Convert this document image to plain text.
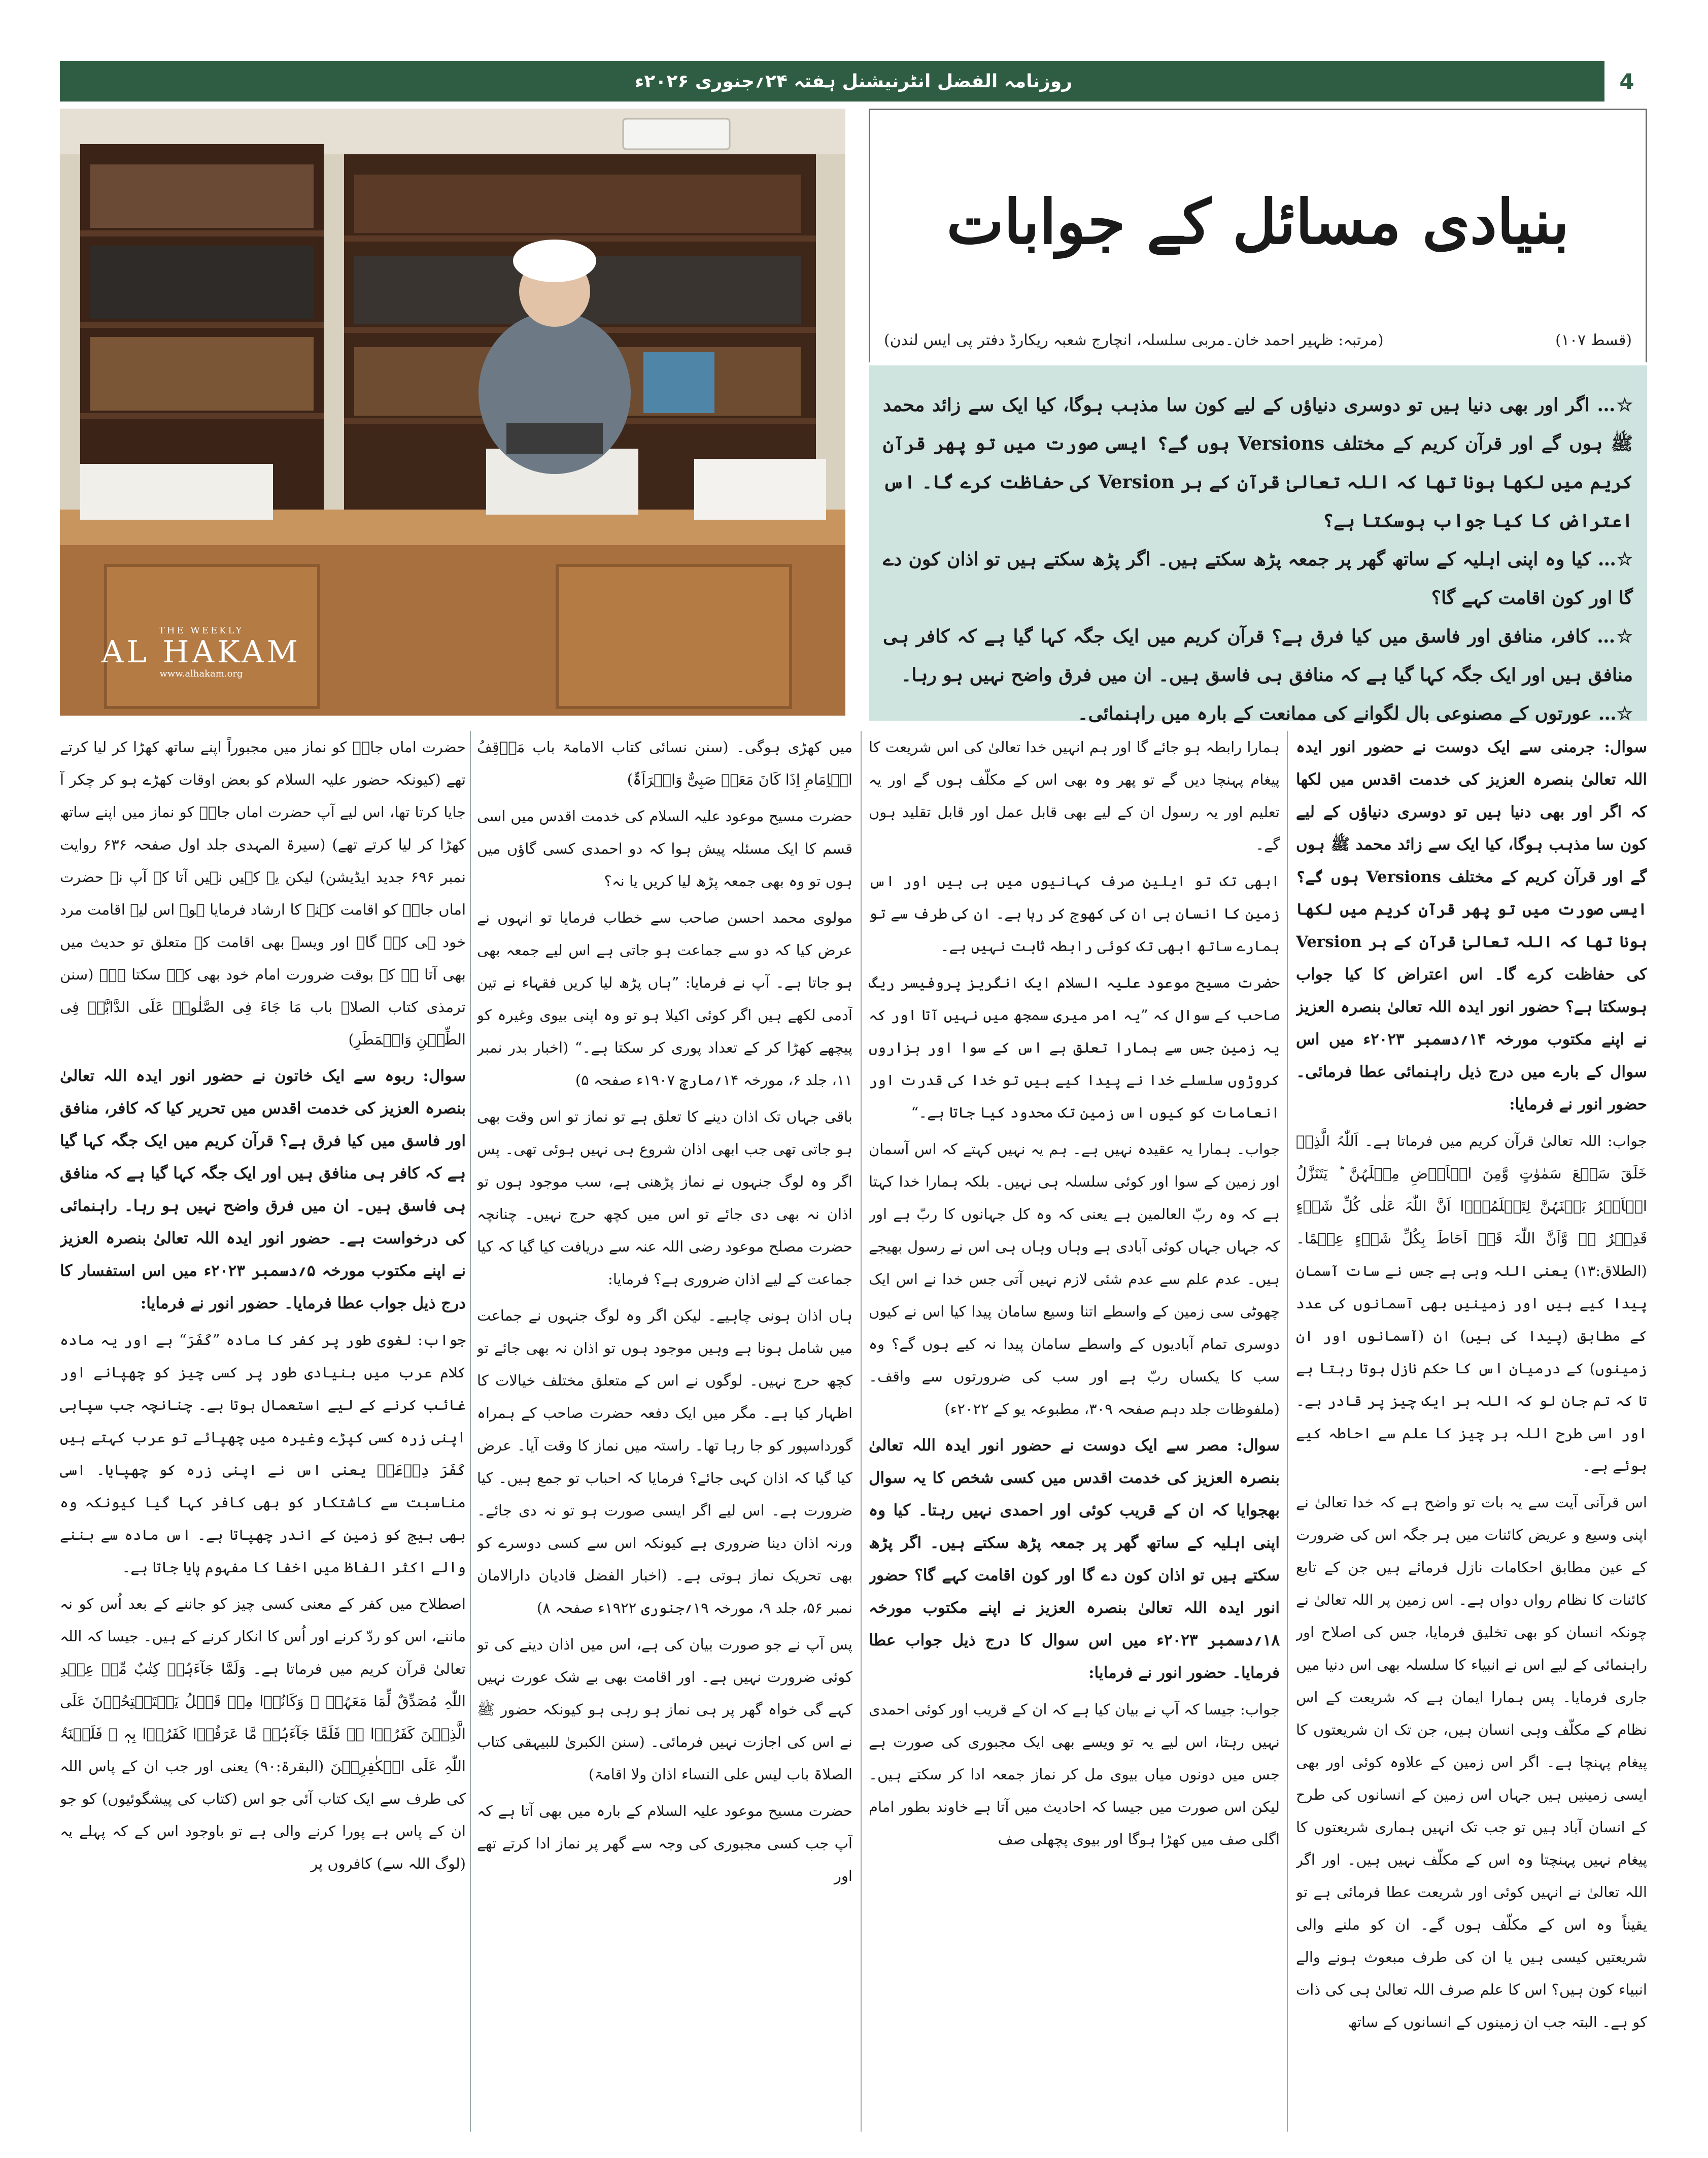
روزنامہ الفضل انٹرنیشنل ہفتہ ۲۴؍جنوری ۲۰۲۶ء	4
THE WEEKLY
AL HAKAM
www.alhakam.org
بنیادی مسائل کے جوابات
(قسط ۱۰۷)
(مرتبہ: ظہیر احمد خان۔مربی سلسلہ، انچارج شعبہ ریکارڈ دفتر پی ایس لندن)

☆… اگر اور بھی دنیا ہیں تو دوسری دنیاؤں کے لیے کون سا مذہب ہوگا، کیا ایک سے زائد محمد ﷺ ہوں گے اور قرآن کریم کے مختلف Versions ہوں گے؟ ایسی صورت میں تو پھر قرآن کریم میں لکھا ہونا تھا کہ اللہ تعالیٰ قرآن کے ہر Version کی حفاظت کرے گا۔ اس اعتراض کا کیا جواب ہوسکتا ہے؟

☆… کیا وہ اپنی اہلیہ کے ساتھ گھر پر جمعہ پڑھ سکتے ہیں۔ اگر پڑھ سکتے ہیں تو اذان کون دے گا اور کون اقامت کہے گا؟

☆… کافر، منافق اور فاسق میں کیا فرق ہے؟ قرآن کریم میں ایک جگہ کہا گیا ہے کہ کافر ہی منافق ہیں اور ایک جگہ کہا گیا ہے کہ منافق ہی فاسق ہیں۔ ان میں فرق واضح نہیں ہو رہا۔

☆… عورتوں کے مصنوعی بال لگوانے کی ممانعت کے بارہ میں راہنمائی۔

سوال: جرمنی سے ایک دوست نے حضور انور ایدہ اللہ تعالیٰ بنصرہ العزیز کی خدمت اقدس میں لکھا کہ اگر اور بھی دنیا ہیں تو دوسری دنیاؤں کے لیے کون سا مذہب ہوگا، کیا ایک سے زائد محمد ﷺ ہوں گے اور قرآن کریم کے مختلف Versions ہوں گے؟ ایسی صورت میں تو پھر قرآن کریم میں لکھا ہونا تھا کہ اللہ تعالیٰ قرآن کے ہر Version کی حفاظت کرے گا۔ اس اعتراض کا کیا جواب ہوسکتا ہے؟ حضور انور ایدہ اللہ تعالیٰ بنصرہ العزیز نے اپنے مکتوب مورخہ ۱۴؍دسمبر ۲۰۲۳ء میں اس سوال کے بارے میں درج ذیل راہنمائی عطا فرمائی۔ حضور انور نے فرمایا:

جواب: اللہ تعالیٰ قرآن کریم میں فرماتا ہے۔ اَللّٰہُ الَّذِیۡ خَلَقَ سَبۡعَ سَمٰوٰتٍ وَّمِنَ الۡاَرۡضِ مِثۡلَہُنَّ ؕ یَتَنَزَّلُ الۡاَمۡرُ بَیۡنَہُنَّ لِتَعۡلَمُوۡۤا اَنَّ اللّٰہَ عَلٰی کُلِّ شَیۡءٍ قَدِیۡرٌ ۬ۙ وَّاَنَّ اللّٰہَ قَدۡ اَحَاطَ بِکُلِّ شَیۡءٍ عِلۡمًا۔ (الطلاق:۱۳) یعنی اللہ وہی ہے جس نے سات آسمان پیدا کیے ہیں اور زمینیں بھی آسمانوں کی عدد کے مطابق (پیدا کی ہیں) ان (آسمانوں اور ان زمینوں) کے درمیان اس کا حکم نازل ہوتا رہتا ہے تا کہ تم جان لو کہ اللہ ہر ایک چیز پر قادر ہے۔ اور اسی طرح اللہ ہر چیز کا علم سے احاطہ کیے ہوئے ہے۔

اس قرآنی آیت سے یہ بات تو واضح ہے کہ خدا تعالیٰ نے اپنی وسیع و عریض کائنات میں ہر جگہ اس کی ضرورت کے عین مطابق احکامات نازل فرمائے ہیں جن کے تابع کائنات کا نظام رواں دواں ہے۔ اس زمین پر اللہ تعالیٰ نے چونکہ انسان کو بھی تخلیق فرمایا، جس کی اصلاح اور راہنمائی کے لیے اس نے انبیاء کا سلسلہ بھی اس دنیا میں جاری فرمایا۔ پس ہمارا ایمان ہے کہ شریعت کے اس نظام کے مکلّف وہی انسان ہیں، جن تک ان شریعتوں کا پیغام پہنچا ہے۔ اگر اس زمین کے علاوہ کوئی اور بھی ایسی زمینیں ہیں جہاں اس زمین کے انسانوں کی طرح کے انسان آباد ہیں تو جب تک انہیں ہماری شریعتوں کا پیغام نہیں پہنچتا وہ اس کے مکلّف نہیں ہیں۔ اور اگر اللہ تعالیٰ نے انہیں کوئی اور شریعت عطا فرمائی ہے تو یقیناً وہ اس کے مکلّف ہوں گے۔ ان کو ملنے والی شریعتیں کیسی ہیں یا ان کی طرف مبعوث ہونے والے انبیاء کون ہیں؟ اس کا علم صرف اللہ تعالیٰ ہی کی ذات کو ہے۔ البتہ جب ان زمینوں کے انسانوں کے ساتھ

ہمارا رابطہ ہو جائے گا اور ہم انہیں خدا تعالیٰ کی اس شریعت کا پیغام پہنچا دیں گے تو پھر وہ بھی اس کے مکلّف ہوں گے اور یہ تعلیم اور یہ رسول ان کے لیے بھی قابل عمل اور قابل تقلید ہوں گے۔

ابھی تک تو ایلین صرف کہانیوں میں ہی ہیں اور اس زمین کا انسان ہی ان کی کھوج کر رہا ہے۔ ان کی طرف سے تو ہمارے ساتھ ابھی تک کوئی رابطہ ثابت نہیں ہے۔

حضرت مسیح موعود علیہ السلام ایک انگریز پروفیسر ریگ صاحب کے سوال کہ ”یہ امر میری سمجھ میں نہیں آتا اور کہ یہ زمین جس سے ہمارا تعلق ہے اس کے سوا اور ہزاروں کروڑوں سلسلے خدا نے پیدا کیے ہیں تو خدا کی قدرت اور انعامات کو کیوں اس زمین تک محدود کیا جاتا ہے۔“

جواب۔ ہمارا یہ عقیدہ نہیں ہے۔ ہم یہ نہیں کہتے کہ اس آسمان اور زمین کے سوا اور کوئی سلسلہ ہی نہیں۔ بلکہ ہمارا خدا کہتا ہے کہ وہ ربّ العالمین ہے یعنی کہ وہ کل جہانوں کا ربّ ہے اور کہ جہاں جہاں کوئی آبادی ہے وہاں وہاں ہی اس نے رسول بھیجے ہیں۔ عدم علم سے عدم شئی لازم نہیں آتی جس خدا نے اس ایک چھوٹی سی زمین کے واسطے اتنا وسیع سامان پیدا کیا اس نے کیوں دوسری تمام آبادیوں کے واسطے سامان پیدا نہ کیے ہوں گے؟ وہ سب کا یکساں ربّ ہے اور سب کی ضرورتوں سے واقف۔ (ملفوظات جلد دہم صفحہ ۳۰۹، مطبوعہ یو کے ۲۰۲۲ء)

سوال: مصر سے ایک دوست نے حضور انور ایدہ اللہ تعالیٰ بنصرہ العزیز کی خدمت اقدس میں کسی شخص کا یہ سوال بھجوایا کہ ان کے قریب کوئی اور احمدی نہیں رہتا۔ کیا وہ اپنی اہلیہ کے ساتھ گھر پر جمعہ پڑھ سکتے ہیں۔ اگر پڑھ سکتے ہیں تو اذان کون دے گا اور کون اقامت کہے گا؟ حضور انور ایدہ اللہ تعالیٰ بنصرہ العزیز نے اپنے مکتوب مورخہ ۱۸؍دسمبر ۲۰۲۳ء میں اس سوال کا درج ذیل جواب عطا فرمایا۔ حضور انور نے فرمایا:

جواب: جیسا کہ آپ نے بیان کیا ہے کہ ان کے قریب اور کوئی احمدی نہیں رہتا، اس لیے یہ تو ویسے بھی ایک مجبوری کی صورت ہے جس میں دونوں میاں بیوی مل کر نماز جمعہ ادا کر سکتے ہیں۔ لیکن اس صورت میں جیسا کہ احادیث میں آتا ہے خاوند بطور امام اگلی صف میں کھڑا ہوگا اور بیوی پچھلی صف

میں کھڑی ہوگی۔ (سنن نسائی کتاب الامامۃ باب مَوۡقِفُ الۡاِمَامِ اِذَا کَانَ مَعَہٗ صَبِیٌّ وَامۡرَاَۃٌ)

حضرت مسیح موعود علیہ السلام کی خدمت اقدس میں اسی قسم کا ایک مسئلہ پیش ہوا کہ دو احمدی کسی گاؤں میں ہوں تو وہ بھی جمعہ پڑھ لیا کریں یا نہ؟

مولوی محمد احسن صاحب سے خطاب فرمایا تو انہوں نے عرض کیا کہ دو سے جماعت ہو جاتی ہے اس لیے جمعہ بھی ہو جاتا ہے۔ آپ نے فرمایا: ”ہاں پڑھ لیا کریں فقہاء نے تین آدمی لکھے ہیں اگر کوئی اکیلا ہو تو وہ اپنی بیوی وغیرہ کو پیچھے کھڑا کر کے تعداد پوری کر سکتا ہے۔“ (اخبار بدر نمبر ۱۱، جلد ۶، مورخہ ۱۴؍مارچ ۱۹۰۷ء صفحہ ۵)

باقی جہاں تک اذان دینے کا تعلق ہے تو نماز تو اس وقت بھی ہو جاتی تھی جب ابھی اذان شروع ہی نہیں ہوئی تھی۔ پس اگر وہ لوگ جنہوں نے نماز پڑھنی ہے، سب موجود ہوں تو اذان نہ بھی دی جائے تو اس میں کچھ حرج نہیں۔ چنانچہ حضرت مصلح موعود رضی اللہ عنہ سے دریافت کیا گیا کہ کیا جماعت کے لیے اذان ضروری ہے؟ فرمایا:

ہاں اذان ہونی چاہیے۔ لیکن اگر وہ لوگ جنہوں نے جماعت میں شامل ہونا ہے وہیں موجود ہوں تو اذان نہ بھی جائے تو کچھ حرج نہیں۔ لوگوں نے اس کے متعلق مختلف خیالات کا اظہار کیا ہے۔ مگر میں ایک دفعہ حضرت صاحب کے ہمراہ گورداسپور کو جا رہا تھا۔ راستہ میں نماز کا وقت آیا۔ عرض کیا گیا کہ اذان کہی جائے؟ فرمایا کہ احباب تو جمع ہیں۔ کیا ضرورت ہے۔ اس لیے اگر ایسی صورت ہو تو نہ دی جائے۔ ورنہ اذان دینا ضروری ہے کیونکہ اس سے کسی دوسرے کو بھی تحریک نماز ہوتی ہے۔ (اخبار الفضل قادیان دارالامان نمبر ۵۶، جلد ۹، مورخہ ۱۹؍جنوری ۱۹۲۲ء صفحہ ۸)

پس آپ نے جو صورت بیان کی ہے، اس میں اذان دینے کی تو کوئی ضرورت نہیں ہے۔ اور اقامت بھی بے شک عورت نہیں کہے گی خواہ گھر پر ہی نماز ہو رہی ہو کیونکہ حضور ﷺ نے اس کی اجازت نہیں فرمائی۔ (سنن الکبریٰ للبیہقی کتاب الصلاۃ باب لیس علی النساء اذان ولا اقامۃ)

حضرت مسیح موعود علیہ السلام کے بارہ میں بھی آتا ہے کہ آپ جب کسی مجبوری کی وجہ سے گھر پر نماز ادا کرتے تھے اور

حضرت اماں جانؓ کو نماز میں مجبوراً اپنے ساتھ کھڑا کر لیا کرتے تھے (کیونکہ حضور علیہ السلام کو بعض اوقات کھڑے ہو کر چکر آ جایا کرتا تھا، اس لیے آپ حضرت اماں جانؓ کو نماز میں اپنے ساتھ کھڑا کر لیا کرتے تھے) (سیرۃ المہدی جلد اول صفحہ ۶۳۶ روایت نمبر ۶۹۶ جدید ایڈیشن) لیکن یہ کہیں نہیں آتا کہ آپ نے حضرت اماں جانؓ کو اقامت کہنے کا ارشاد فرمایا ہو۔ اس لیے اقامت مرد خود ہی کہے گا۔ اور ویسے بھی اقامت کے متعلق تو حدیث میں بھی آتا ہے کہ بوقت ضرورت امام خود بھی کہہ سکتا ہے۔ (سنن ترمذی کتاب الصلاۃ باب مَا جَاءَ فِی الصَّلٰوۃِ عَلَی الدَّابَّۃِ فِی الطِّیۡنِ وَالۡمَطَرِ)

سوال: ربوہ سے ایک خاتون نے حضور انور ایدہ اللہ تعالیٰ بنصرہ العزیز کی خدمت اقدس میں تحریر کیا کہ کافر، منافق اور فاسق میں کیا فرق ہے؟ قرآن کریم میں ایک جگہ کہا گیا ہے کہ کافر ہی منافق ہیں اور ایک جگہ کہا گیا ہے کہ منافق ہی فاسق ہیں۔ ان میں فرق واضح نہیں ہو رہا۔ راہنمائی کی درخواست ہے۔ حضور انور ایدہ اللہ تعالیٰ بنصرہ العزیز نے اپنے مکتوب مورخہ ۵؍دسمبر ۲۰۲۳ء میں اس استفسار کا درج ذیل جواب عطا فرمایا۔ حضور انور نے فرمایا:

جواب: لغوی طور پر کفر کا مادہ ”کَفَرَ“ ہے اور یہ مادہ کلام عرب میں بنیادی طور پر کسی چیز کو چھپانے اور غائب کرنے کے لیے استعمال ہوتا ہے۔ چنانچہ جب سپاہی اپنی زرہ کسی کپڑے وغیرہ میں چھپائے تو عرب کہتے ہیں کَفَرَ دِرۡعَہٗ یعنی اس نے اپنی زرہ کو چھپایا۔ اسی مناسبت سے کاشتکار کو بھی کافر کہا گیا کیونکہ وہ بھی بیج کو زمین کے اندر چھپاتا ہے۔ اس مادہ سے بننے والے اکثر الفاظ میں اخفا کا مفہوم پایا جاتا ہے۔

اصطلاح میں کفر کے معنی کسی چیز کو جاننے کے بعد اُس کو نہ ماننے، اس کو ردّ کرنے اور اُس کا انکار کرنے کے ہیں۔ جیسا کہ اللہ تعالیٰ قرآن کریم میں فرماتا ہے۔ وَلَمَّا جَآءَہُمۡ کِتٰبٌ مِّنۡ عِنۡدِ اللّٰہِ مُصَدِّقٌ لِّمَا مَعَہُمۡ ۙ وَکَانُوۡا مِنۡ قَبۡلُ یَسۡتَفۡتِحُوۡنَ عَلَی الَّذِیۡنَ کَفَرُوۡا ۚۖ فَلَمَّا جَآءَہُمۡ مَّا عَرَفُوۡا کَفَرُوۡا بِہٖ ۫ فَلَعۡنَۃُ اللّٰہِ عَلَی الۡکٰفِرِیۡنَ (البقرۃ:۹۰) یعنی اور جب ان کے پاس اللہ کی طرف سے ایک کتاب آئی جو اس (کتاب کی پیشگوئیوں) کو جو ان کے پاس ہے پورا کرنے والی ہے تو باوجود اس کے کہ پہلے یہ (لوگ اللہ سے) کافروں پر
